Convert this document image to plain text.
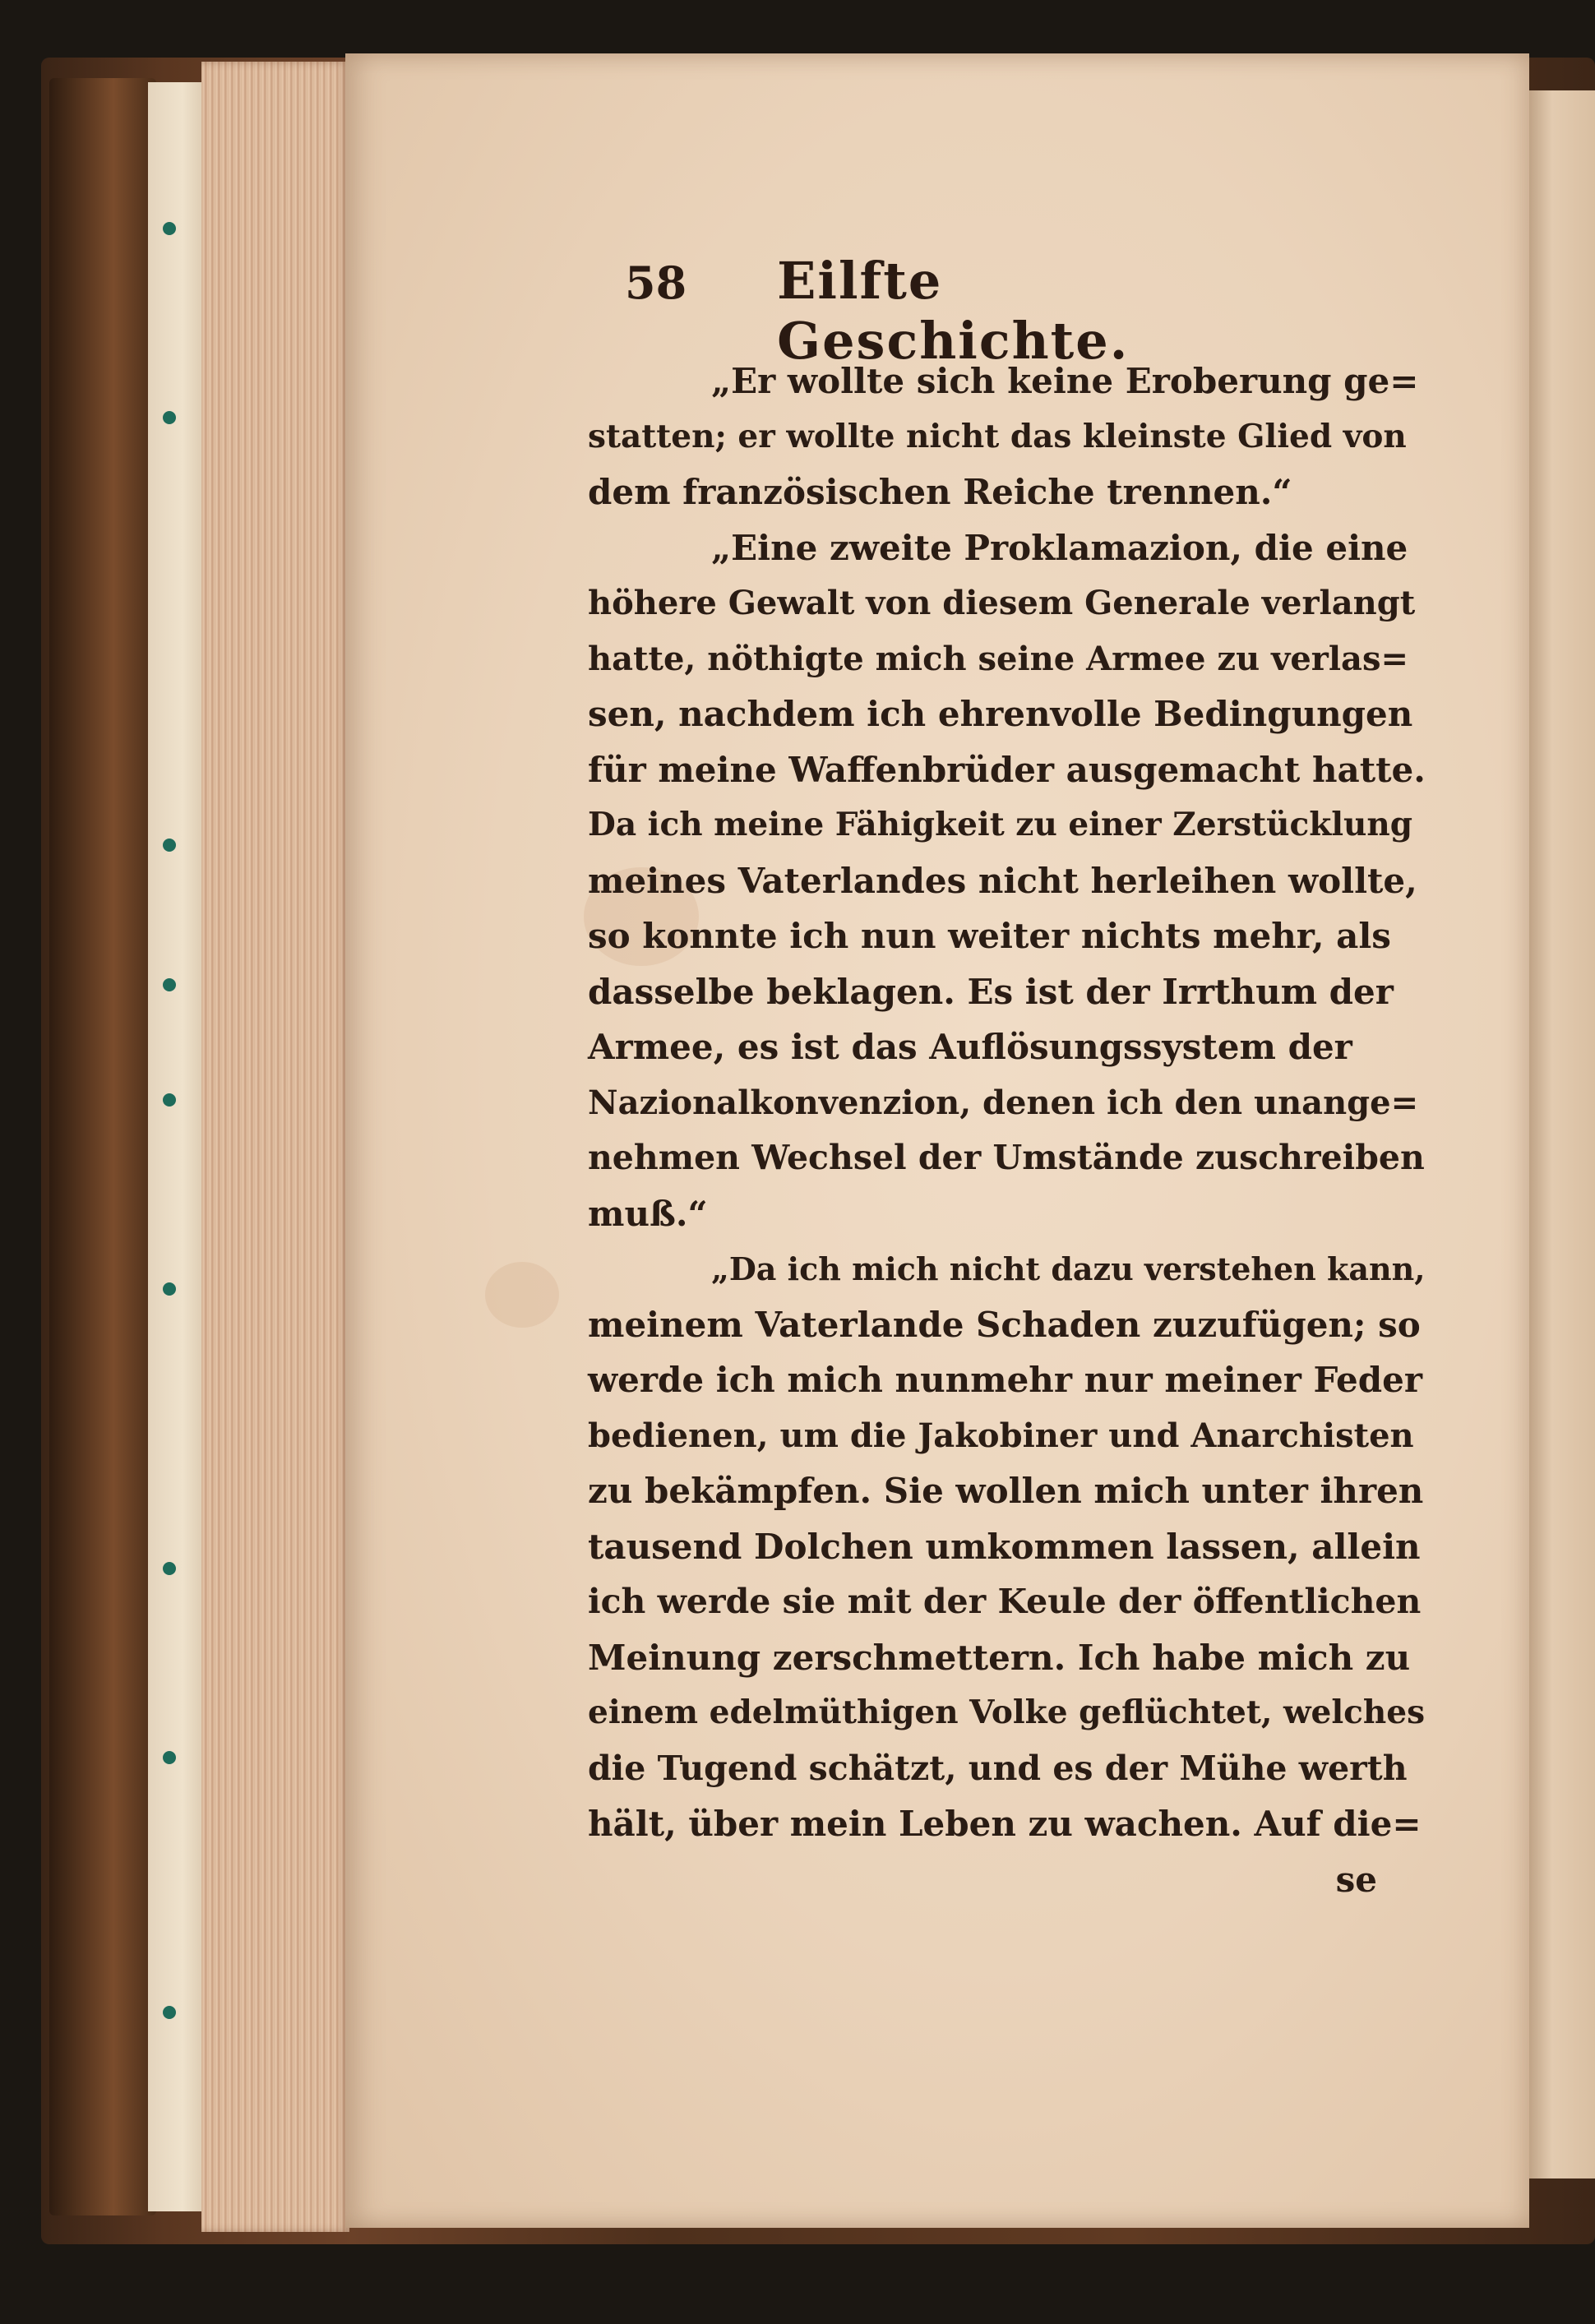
58 Eilfte Geschichte.
„Er wollte sich keine Eroberung ge=
statten; er wollte nicht das kleinste Glied von
dem französischen Reiche trennen.“
„Eine zweite Proklamazion, die eine
höhere Gewalt von diesem Generale verlangt
hatte, nöthigte mich seine Armee zu verlas=
sen, nachdem ich ehrenvolle Bedingungen
für meine Waffenbrüder ausgemacht hatte.
Da ich meine Fähigkeit zu einer Zerstücklung
meines Vaterlandes nicht herleihen wollte,
so konnte ich nun weiter nichts mehr, als
dasselbe beklagen. Es ist der Irrthum der
Armee, es ist das Auflösungssystem der
Nazionalkonvenzion, denen ich den unange=
nehmen Wechsel der Umstände zuschreiben
muß.“
„Da ich mich nicht dazu verstehen kann,
meinem Vaterlande Schaden zuzufügen; so
werde ich mich nunmehr nur meiner Feder
bedienen, um die Jakobiner und Anarchisten
zu bekämpfen. Sie wollen mich unter ihren
tausend Dolchen umkommen lassen, allein
ich werde sie mit der Keule der öffentlichen
Meinung zerschmettern. Ich habe mich zu
einem edelmüthigen Volke geflüchtet, welches
die Tugend schätzt, und es der Mühe werth
hält, über mein Leben zu wachen. Auf die=
se
